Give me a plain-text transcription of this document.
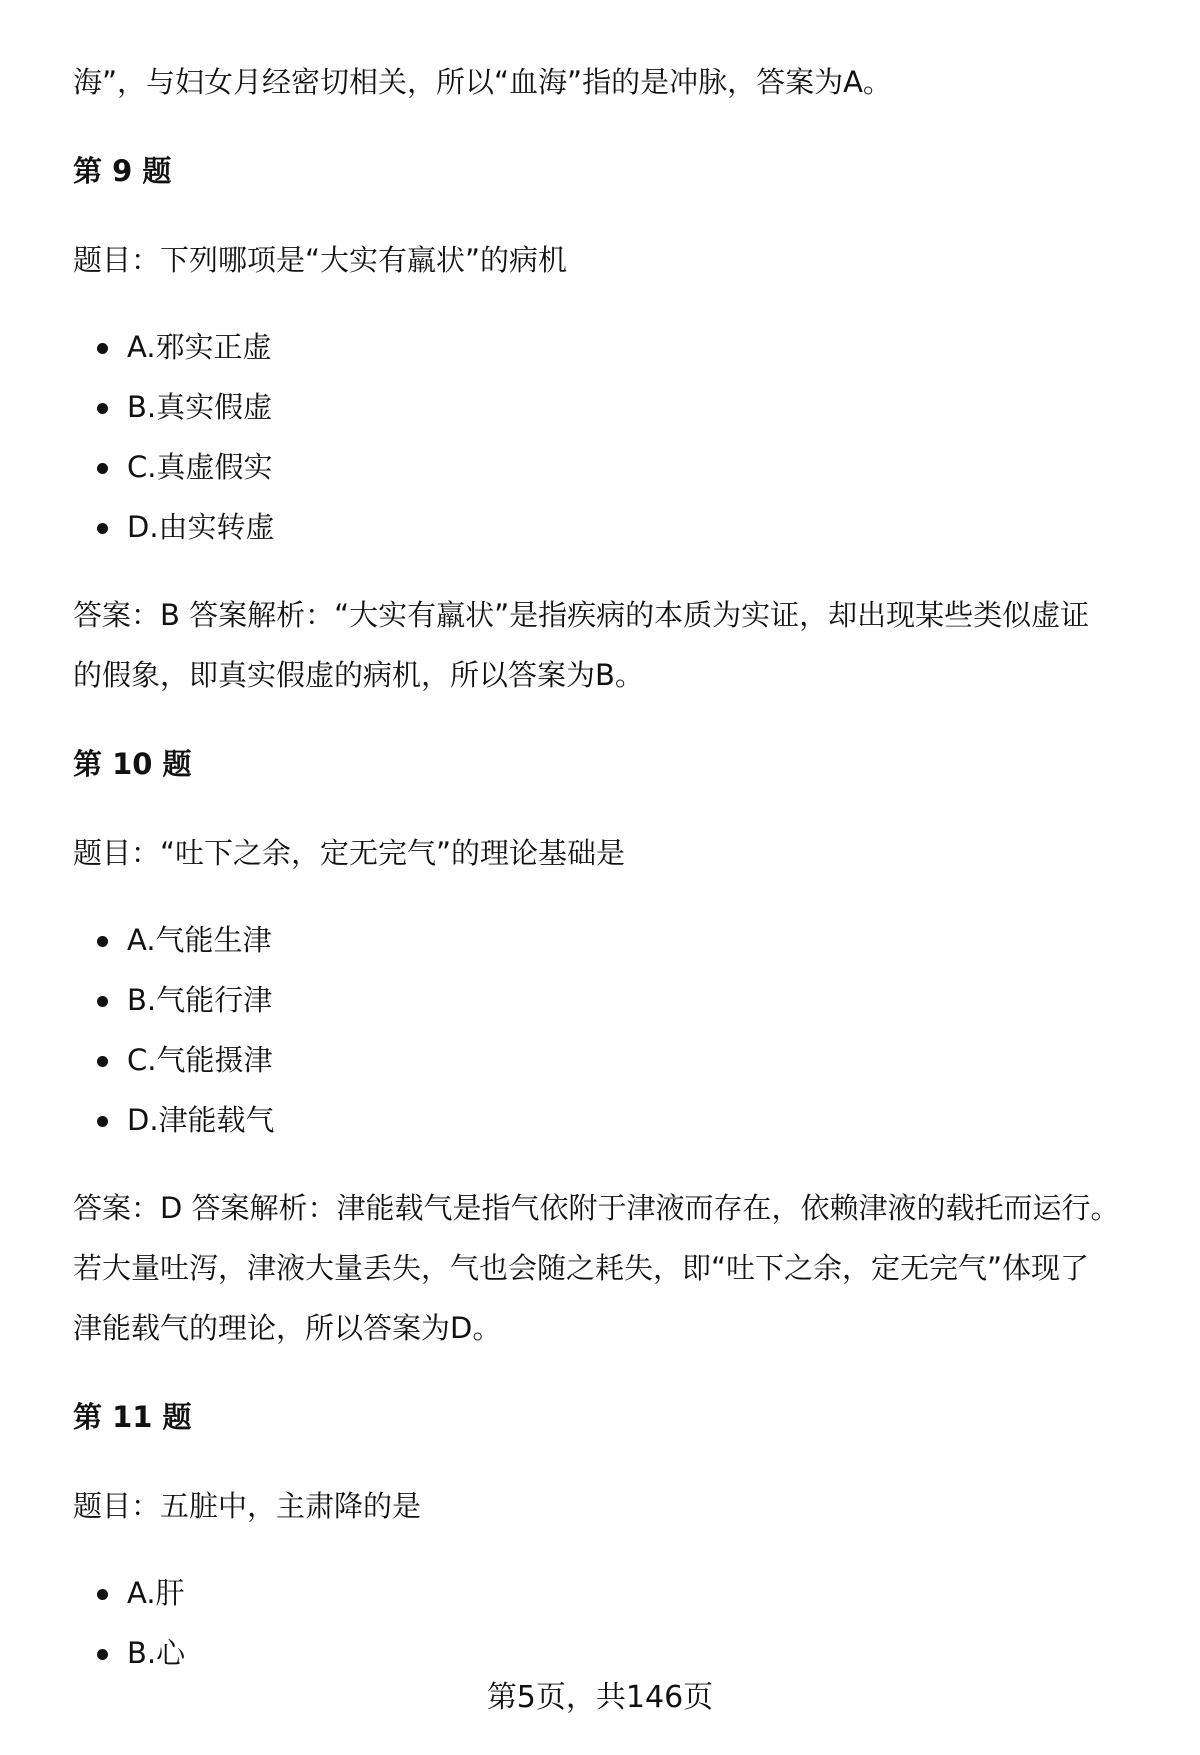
海”，与妇女月经密切相关，所以“血海”指的是冲脉，答案为A。

第 9 题

题目：下列哪项是“大实有羸状”的病机

A.邪实正虚
B.真实假虚
C.真虚假实
D.由实转虚

答案：B 答案解析：“大实有羸状”是指疾病的本质为实证，却出现某些类似虚证

的假象，即真实假虚的病机，所以答案为B。

第 10 题

题目：“吐下之余，定无完气”的理论基础是

A.气能生津
B.气能行津
C.气能摄津
D.津能载气

答案：D 答案解析：津能载气是指气依附于津液而存在，依赖津液的载托而运行。

若大量吐泻，津液大量丢失，气也会随之耗失，即“吐下之余，定无完气”体现了

津能载气的理论，所以答案为D。

第 11 题

题目：五脏中，主肃降的是

A.肝
B.心
第5页，共146页
